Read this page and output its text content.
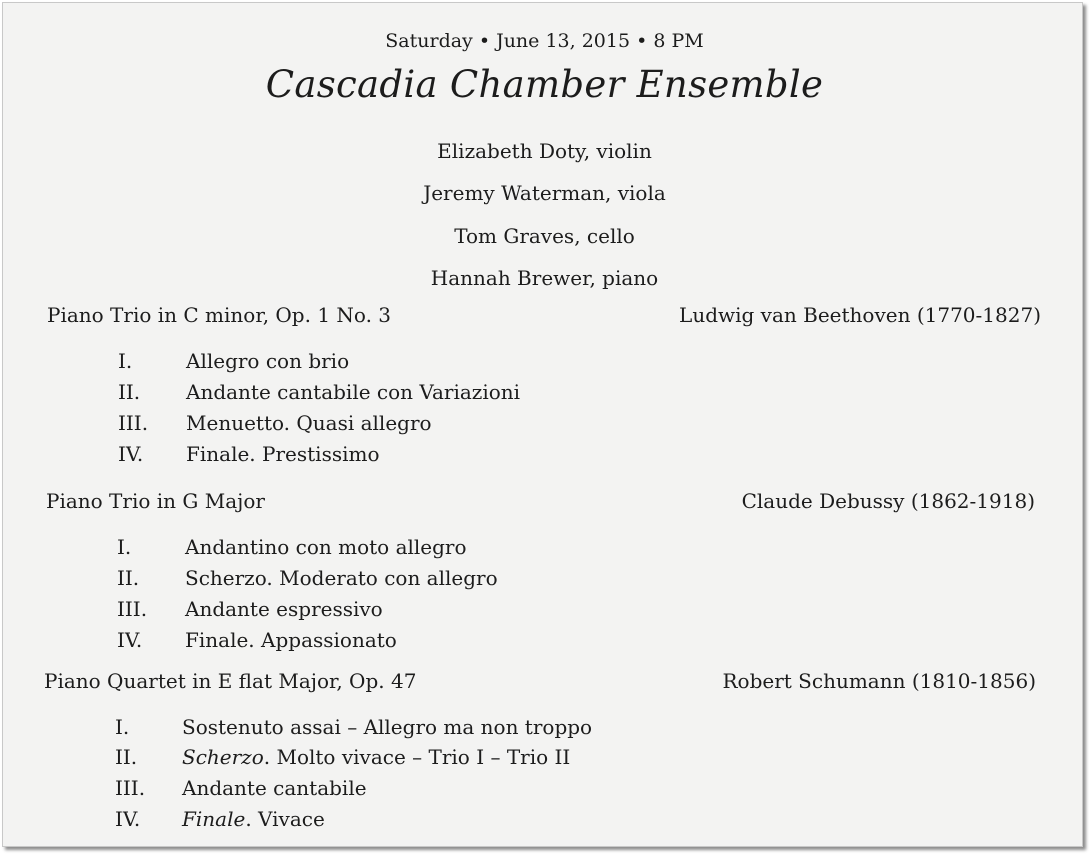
Saturday • June 13, 2015 • 8 PM
Cascadia Chamber Ensemble
Elizabeth Doty, violin
Jeremy Waterman, viola
Tom Graves, cello
Hannah Brewer, piano
Piano Trio in C minor, Op. 1 No. 3	Ludwig van Beethoven (1770-1827)
I.	Allegro con brio
II. Andante cantabile con Variazioni
III. Menuetto. Quasi allegro
IV. Finale. Prestissimo
Piano Trio in G Major	Claude Debussy (1862-1918)
I.	Andantino con moto allegro
II. Scherzo. Moderato con allegro
III. Andante espressivo
IV. Finale. Appassionato
Piano Quartet in E flat Major, Op. 47	Robert Schumann (1810-1856)
I.	Sostenuto assai – Allegro ma non troppo
II. Scherzo. Molto vivace – Trio I – Trio II
III. Andante cantabile
IV. Finale. Vivace
